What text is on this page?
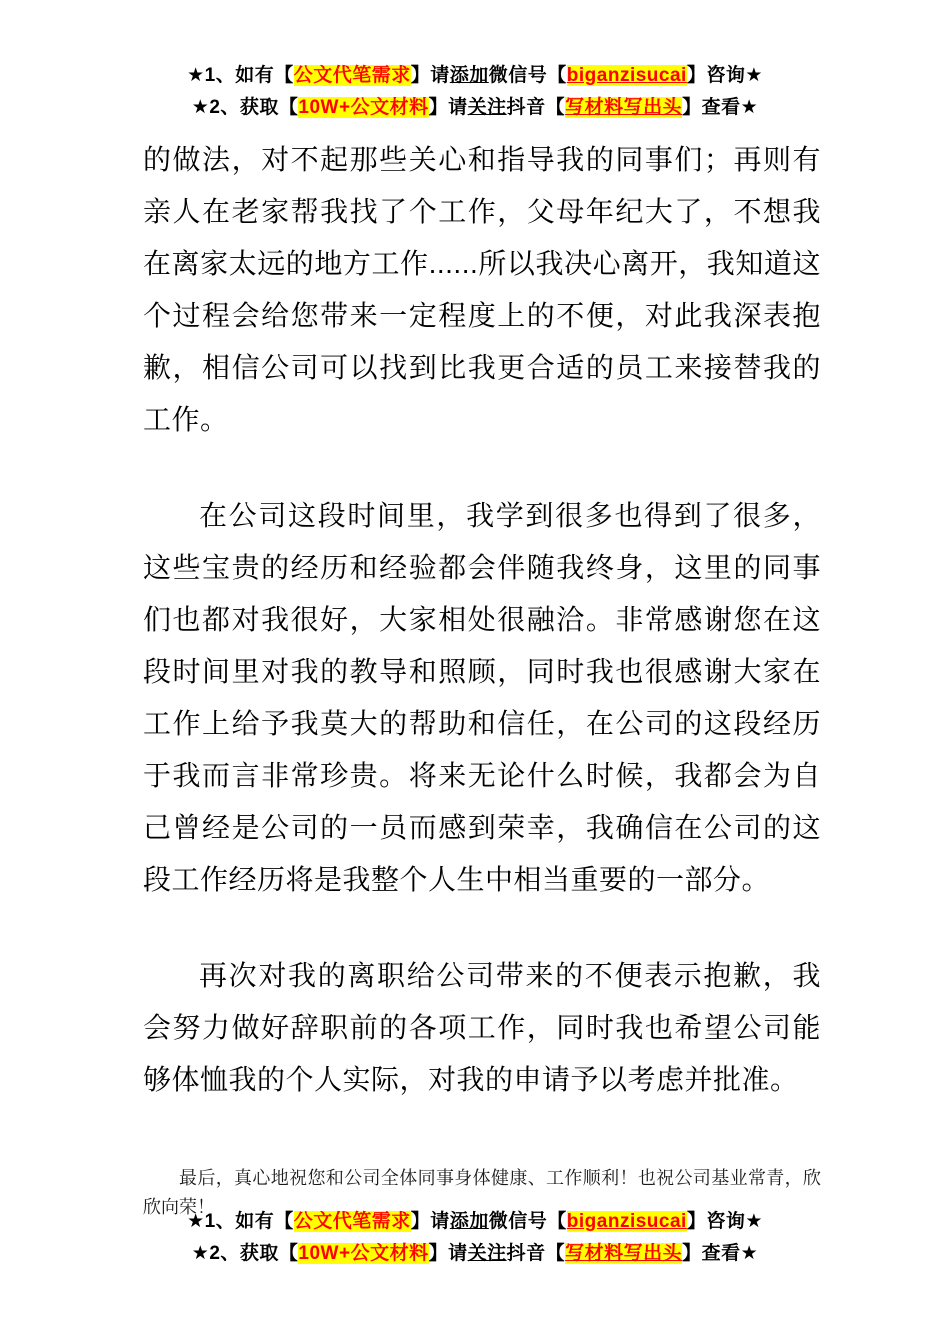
★1、如有【公文代笔需求】请添加微信号【biganzisucai】咨询★
★2、获取【10W+公文材料】请关注抖音【写材料写出头】查看★

的做法，对不起那些关心和指导我的同事们；再则有亲人在老家帮我找了个工作，父母年纪大了，不想我在离家太远的地方工作......所以我决心离开，我知道这个过程会给您带来一定程度上的不便，对此我深表抱歉，相信公司可以找到比我更合适的员工来接替我的工作。

在公司这段时间里，我学到很多也得到了很多，这些宝贵的经历和经验都会伴随我终身，这里的同事们也都对我很好，大家相处很融洽。非常感谢您在这段时间里对我的教导和照顾，同时我也很感谢大家在工作上给予我莫大的帮助和信任，在公司的这段经历于我而言非常珍贵。将来无论什么时候，我都会为自己曾经是公司的一员而感到荣幸，我确信在公司的这段工作经历将是我整个人生中相当重要的一部分。

再次对我的离职给公司带来的不便表示抱歉，我会努力做好辞职前的各项工作，同时我也希望公司能够体恤我的个人实际，对我的申请予以考虑并批准。

最后，真心地祝您和公司全体同事身体健康、工作顺利！也祝公司基业常青，欣欣向荣！

★1、如有【公文代笔需求】请添加微信号【biganzisucai】咨询★
★2、获取【10W+公文材料】请关注抖音【写材料写出头】查看★
